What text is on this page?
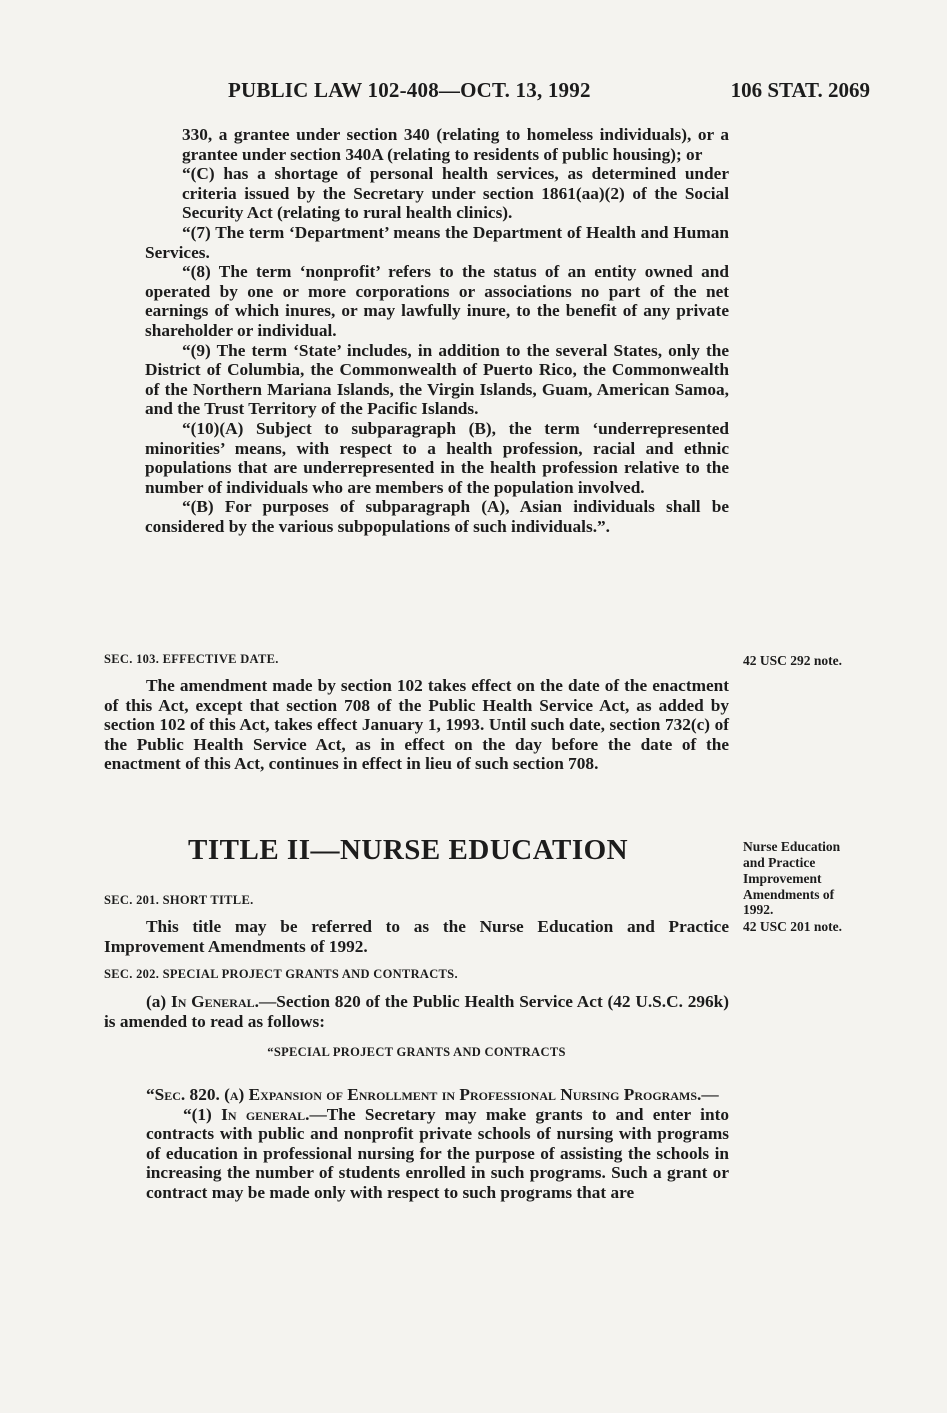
PUBLIC LAW 102-408—OCT. 13, 1992	106 STAT. 2069

330, a grantee under section 340 (relating to homeless individuals), or a grantee under section 340A (relating to residents of public housing); or

“(C) has a shortage of personal health services, as determined under criteria issued by the Secretary under section 1861(aa)(2) of the Social Security Act (relating to rural health clinics).

“(7) The term ‘Department’ means the Department of Health and Human Services.

“(8) The term ‘nonprofit’ refers to the status of an entity owned and operated by one or more corporations or associations no part of the net earnings of which inures, or may lawfully inure, to the benefit of any private shareholder or individual.

“(9) The term ‘State’ includes, in addition to the several States, only the District of Columbia, the Commonwealth of Puerto Rico, the Commonwealth of the Northern Mariana Islands, the Virgin Islands, Guam, American Samoa, and the Trust Territory of the Pacific Islands.

“(10)(A) Subject to subparagraph (B), the term ‘underrepresented minorities’ means, with respect to a health profession, racial and ethnic populations that are underrepresented in the health profession relative to the number of individuals who are members of the population involved.

“(B) For purposes of subparagraph (A), Asian individuals shall be considered by the various subpopulations of such individuals.”.

SEC. 103. EFFECTIVE DATE.	42 USC 292 note.

The amendment made by section 102 takes effect on the date of the enactment of this Act, except that section 708 of the Public Health Service Act, as added by section 102 of this Act, takes effect January 1, 1993. Until such date, section 732(c) of the Public Health Service Act, as in effect on the day before the date of the enactment of this Act, continues in effect in lieu of such section 708.

TITLE II—NURSE EDUCATION	Nurse Education
and Practice
Improvement
Amendments of
1992.
42 USC 201 note.
SEC. 201. SHORT TITLE.

This title may be referred to as the Nurse Education and Practice Improvement Amendments of 1992.

SEC. 202. SPECIAL PROJECT GRANTS AND CONTRACTS.

(a) In General.—Section 820 of the Public Health Service Act (42 U.S.C. 296k) is amended to read as follows:

“SPECIAL PROJECT GRANTS AND CONTRACTS

“Sec. 820. (a) Expansion of Enrollment in Professional Nursing Programs.—

“(1) In general.—The Secretary may make grants to and enter into contracts with public and nonprofit private schools of nursing with programs of education in professional nursing for the purpose of assisting the schools in increasing the number of students enrolled in such programs. Such a grant or contract may be made only with respect to such programs that are
